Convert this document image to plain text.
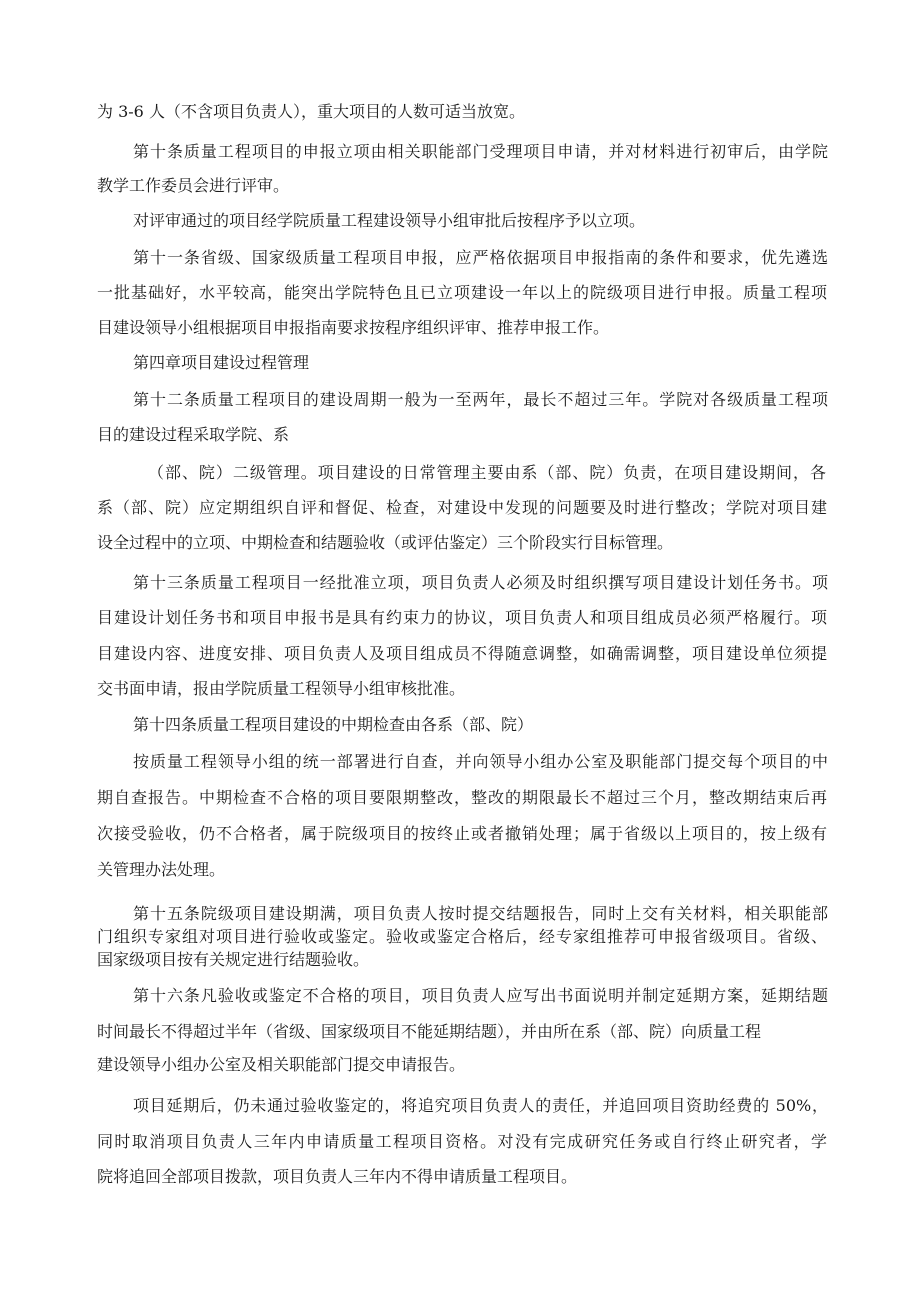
为 3-6 人（不含项目负责人），重大项目的人数可适当放宽。
第十条质量工程项目的申报立项由相关职能部门受理项目申请，并对材料进行初审后，由学院
教学工作委员会进行评审。
对评审通过的项目经学院质量工程建设领导小组审批后按程序予以立项。
第十一条省级、国家级质量工程项目申报，应严格依据项目申报指南的条件和要求，优先遴选
一批基础好，水平较高，能突出学院特色且已立项建设一年以上的院级项目进行申报。质量工程项
目建设领导小组根据项目申报指南要求按程序组织评审、推荐申报工作。
第四章项目建设过程管理
第十二条质量工程项目的建设周期一般为一至两年，最长不超过三年。学院对各级质量工程项
目的建设过程采取学院、系
（部、院）二级管理。项目建设的日常管理主要由系（部、院）负责，在项目建设期间，各
系（部、院）应定期组织自评和督促、检查，对建设中发现的问题要及时进行整改；学院对项目建
设全过程中的立项、中期检查和结题验收（或评估鉴定）三个阶段实行目标管理。
第十三条质量工程项目一经批准立项，项目负责人必须及时组织撰写项目建设计划任务书。项
目建设计划任务书和项目申报书是具有约束力的协议，项目负责人和项目组成员必须严格履行。项
目建设内容、进度安排、项目负责人及项目组成员不得随意调整，如确需调整，项目建设单位须提
交书面申请，报由学院质量工程领导小组审核批准。
第十四条质量工程项目建设的中期检查由各系（部、院）
按质量工程领导小组的统一部署进行自查，并向领导小组办公室及职能部门提交每个项目的中
期自查报告。中期检查不合格的项目要限期整改，整改的期限最长不超过三个月，整改期结束后再
次接受验收，仍不合格者，属于院级项目的按终止或者撤销处理；属于省级以上项目的，按上级有
关管理办法处理。
第十五条院级项目建设期满，项目负责人按时提交结题报告，同时上交有关材料，相关职能部
门组织专家组对项目进行验收或鉴定。验收或鉴定合格后，经专家组推荐可申报省级项目。省级、
国家级项目按有关规定进行结题验收。
第十六条凡验收或鉴定不合格的项目，项目负责人应写出书面说明并制定延期方案，延期结题
时间最长不得超过半年（省级、国家级项目不能延期结题），并由所在系（部、院）向质量工程
建设领导小组办公室及相关职能部门提交申请报告。
项目延期后，仍未通过验收鉴定的，将追究项目负责人的责任，并追回项目资助经费的 50%，
同时取消项目负责人三年内申请质量工程项目资格。对没有完成研究任务或自行终止研究者，学
院将追回全部项目拨款，项目负责人三年内不得申请质量工程项目。
